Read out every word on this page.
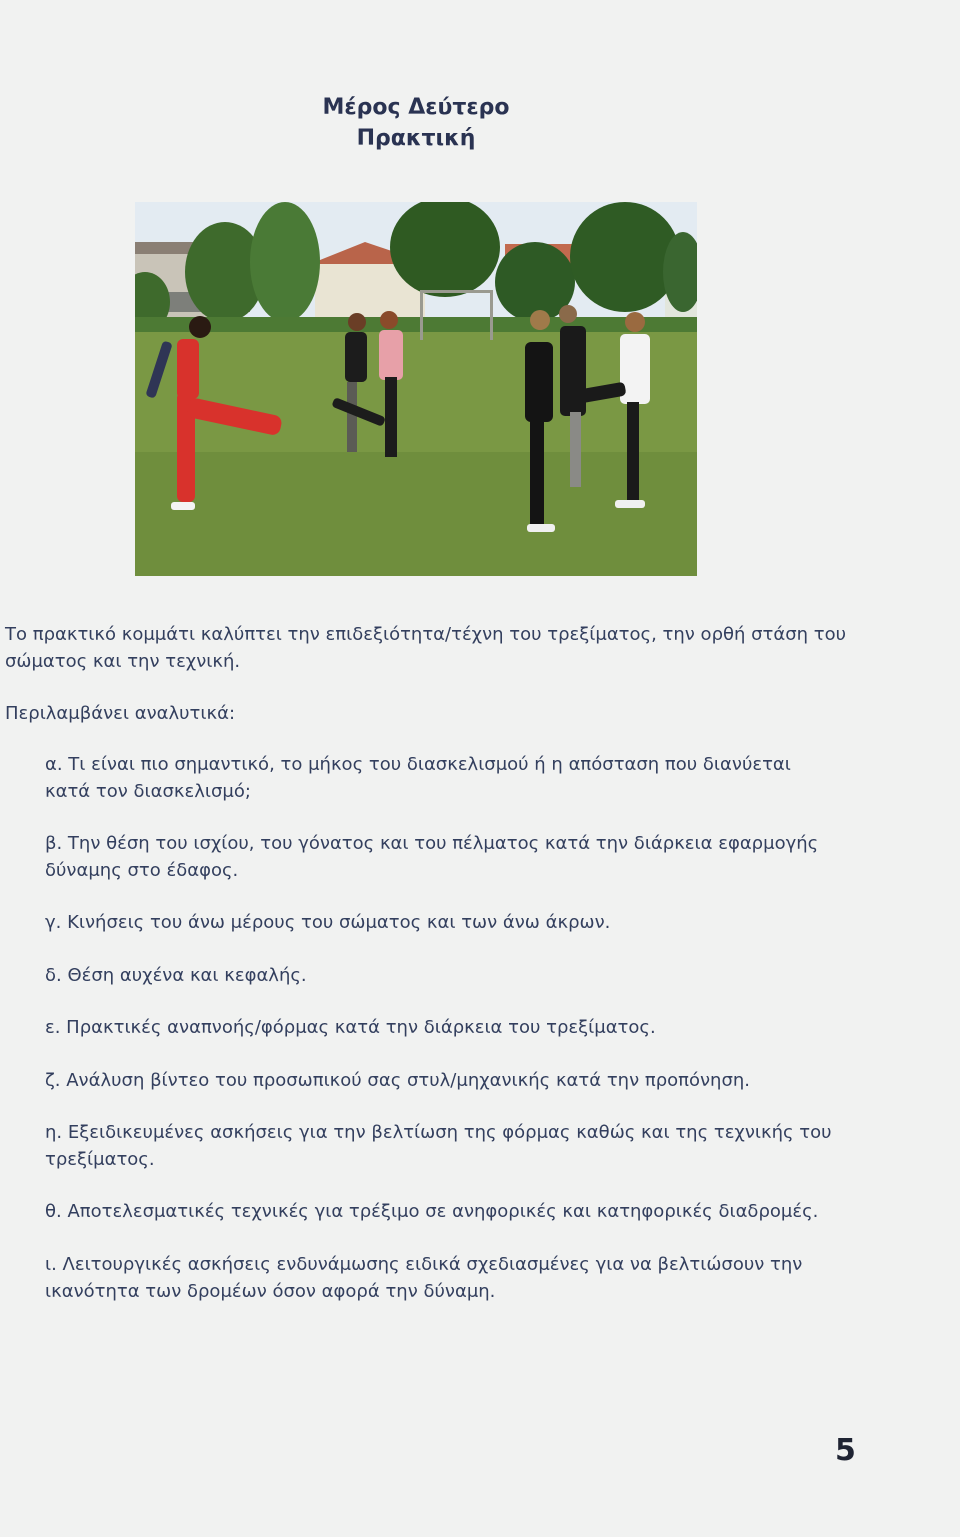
Μέρος Δεύτερο
Πρακτική

Το πρακτικό κομμάτι καλύπτει την επιδεξιότητα/τέχνη του τρεξίματος, την ορθή στάση του σώματος και την τεχνική.

Περιλαμβάνει αναλυτικά:

α. Τι είναι πιο σημαντικό, το μήκος του διασκελισμού ή η απόσταση που διανύεται κατά τον διασκελισμό;

β. Την θέση του ισχίου, του γόνατος και του πέλματος κατά την διάρκεια εφαρμογής δύναμης στο έδαφος.

γ. Κινήσεις του άνω μέρους του σώματος και των άνω άκρων.

δ. Θέση αυχένα και κεφαλής.

ε. Πρακτικές αναπνοής/φόρμας κατά την διάρκεια του τρεξίματος.

ζ. Ανάλυση βίντεο του προσωπικού σας στυλ/μηχανικής κατά την προπόνηση.

η. Εξειδικευμένες ασκήσεις για την βελτίωση της φόρμας καθώς και της τεχνικής του τρεξίματος.

θ. Αποτελεσματικές τεχνικές για τρέξιμο σε ανηφορικές και κατηφορικές διαδρομές.

ι. Λειτουργικές ασκήσεις ενδυνάμωσης ειδικά σχεδιασμένες για να βελτιώσουν την ικανότητα των δρομέων όσον αφορά την δύναμη.

5
